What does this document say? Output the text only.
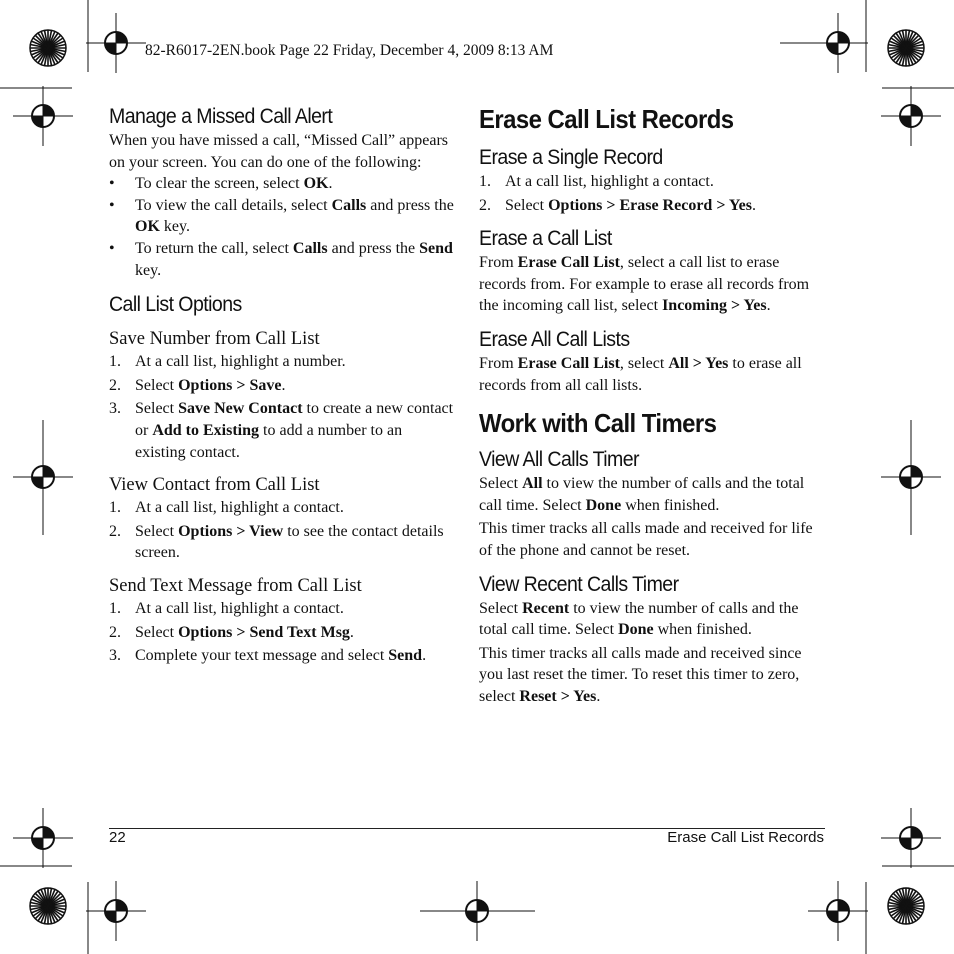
82-R6017-2EN.book Page 22 Friday, December 4, 2009 8:13 AM
Manage a Missed Call Alert

When you have missed a call, “Missed Call” appears on your screen. You can do one of the following:

• To clear the screen, select OK.
• To view the call details, select Calls and press the OK key.
• To return the call, select Calls and press the Send key.
Call List Options
Save Number from Call List
1. At a call list, highlight a number.
2. Select Options > Save.
3. Select Save New Contact to create a new contact or Add to Existing to add a number to an existing contact.
View Contact from Call List
1. At a call list, highlight a contact.
2. Select Options > View to see the contact details screen.
Send Text Message from Call List
1. At a call list, highlight a contact.
2. Select Options > Send Text Msg.
3. Complete your text message and select Send.
Erase Call List Records
Erase a Single Record
1. At a call list, highlight a contact.
2. Select Options > Erase Record > Yes.
Erase a Call List

From Erase Call List, select a call list to erase records from. For example to erase all records from the incoming call list, select Incoming > Yes.

Erase All Call Lists

From Erase Call List, select All > Yes to erase all records from all call lists.

Work with Call Timers
View All Calls Timer

Select All to view the number of calls and the total call time. Select Done when finished.

This timer tracks all calls made and received for life of the phone and cannot be reset.

View Recent Calls Timer

Select Recent to view the number of calls and the total call time. Select Done when finished.

This timer tracks all calls made and received since you last reset the timer. To reset this timer to zero, select Reset > Yes.

22	Erase Call List Records
